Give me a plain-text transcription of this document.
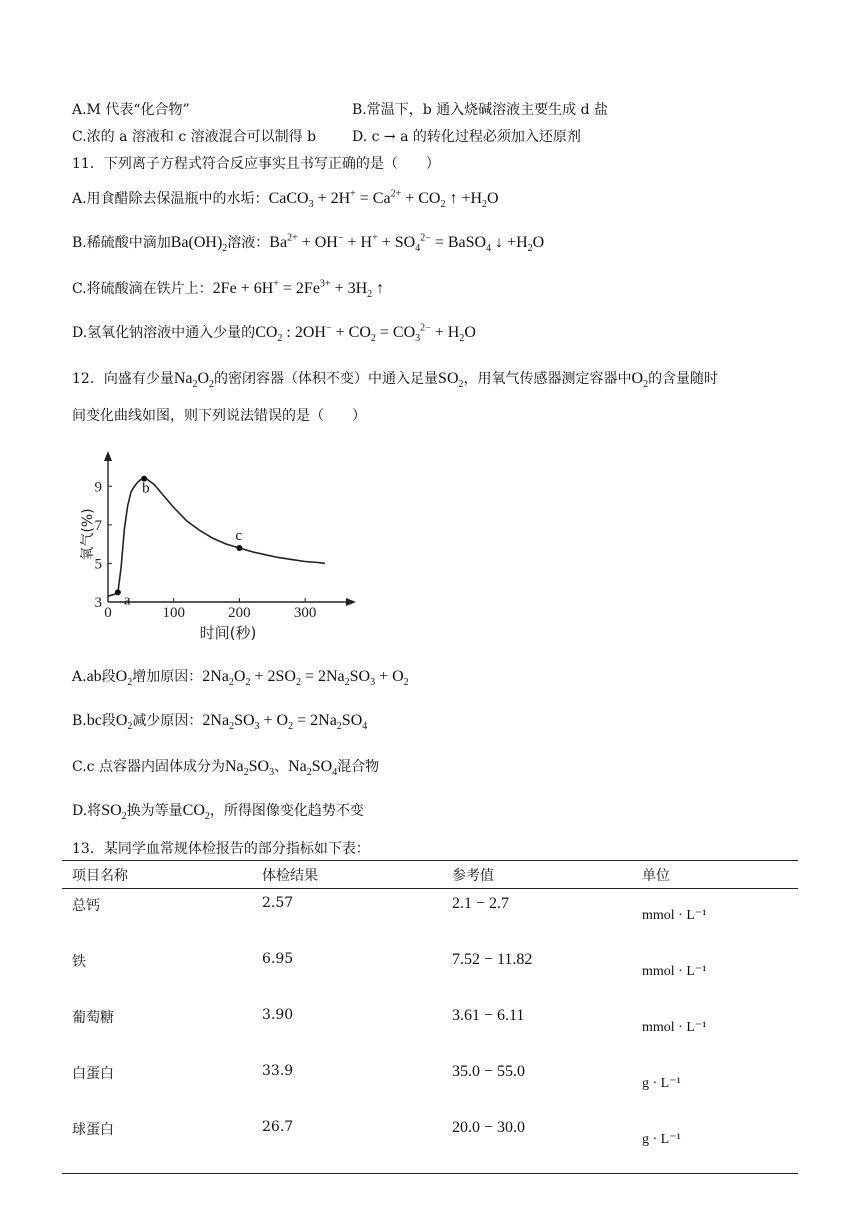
A.M 代表“化合物”	B.常温下，b 通入烧碱溶液主要生成 d 盐
C.浓的 a 溶液和 c 溶液混合可以制得 b	D. c → a 的转化过程必须加入还原剂
11．下列离子方程式符合反应事实且书写正确的是（　　）
A.用食醋除去保温瓶中的水垢：CaCO$_3$ + $2H^+ = Ca^{2+} + CO_2$ ↑ $+H_2O$
B.稀硫酸中滴加$Ba(OH)_2$溶液：$Ba^{2+} + OH^- + H^+ + SO_4^{2-}$ = BaSO$_4$ ↓ $+H_2O$
C.将硫酸滴在铁片上：$2Fe + 6H^+ = 2Fe^{3+} + 3H_2$ ↑
D.氢氧化钠溶液中通入少量的$CO_2$ : $2OH^- + CO_2 = CO_3^{2-} + H_2O$
12．向盛有少量$Na_2O_2$的密闭容器（体积不变）中通入足量$SO_2$，用氧气传感器测定容器中$O_2$的含量随时
间变化曲线如图，则下列说法错误的是（　　）
a
b
c
0	100	200	300
3
5
7
9
时间(秒)
氧气(%)
A.ab段$O_2$增加原因：$2Na_2O_2 + 2SO_2 = 2Na_2SO_3 + O_2$
B.bc段$O_2$减少原因：$2Na_2SO_3 + O_2 = 2Na_2SO_4$
C.c 点容器内固体成分为$Na_2SO_3$、$Na_2SO_4$混合物
D.将$SO_2$换为等量$CO_2$，所得图像变化趋势不变
13．某同学血常规体检报告的部分指标如下表：
项目名称	体检结果	参考值	单位
总钙	2.57	2.1 − 2.7	mmol · L⁻¹
铁	6.95	7.52 − 11.82	mmol · L⁻¹
葡萄糖	3.90	3.61 − 6.11	mmol · L⁻¹
白蛋白	33.9	35.0 − 55.0	g · L⁻¹
球蛋白	26.7	20.0 − 30.0	g · L⁻¹
